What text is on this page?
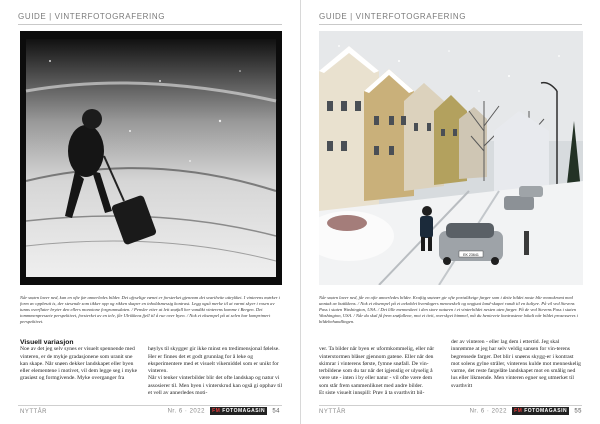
GUIDE | VINTERFOTOGRAFERING
Når snøen laver ned, kan en ofte før annerledes bilder. Det ufyselige vænet er forsterket gjennom det svarthvite uttrykket. I vinterens mørker i form av oppbrutt is, der stesende som tikker opp og rikken skaper en inholdsmessig kontrast. Legg også merke til at varmt skyer i rosen av tunns overflater bryter den ellers monotone forgrunnsdaten. / Pensler etter at lett snøfall her vandikt vinterens komme i Bergen. Det tommmenpressete perspektivet, forsterket av en tele, får Ulrikkens fjell til å rue over byen. / Nok et eksempel på at selen har komprimert perspektivet.

Visuell variasjon

Noe av det jeg selv synes er visuelt spennende med vinteren, er de mykje gradasjonene som uranit sne kan skape. Når snøen dekker landskapet eller byen eller elementene i motivet, vil dem legge seg i myke grasiøst og formgivende. Myke overganger fra

høylys til skygger gir ikke minst en tredimensjonal følelse. Her er finnes det et godt grunnlag for å leke og eksperimentere med et visuelt vikemiddel som er unikt for vinteren.
Når vi tenker vinterbilder blir det ofte landskap og natur vi assosierer til. Men byen i vinterskrud kan også gi opphav til et vell av annerledes moti-

NYTTÅR	Nr. 6 · 2022 FM FOTOMAGASIN 54
GUIDE | VINTERFOTOGRAFERING
EK 23641
Når snøen laver ned, får en ofte annerledes bilder. Kraftig snøvær gir ofte portalikvige farger som i dette bildet noste blir monokromt med unntak av butikkens. / Nok et eksempel på et avkoblet hverdagers menneskelt og ongjuat land-skapet rundt til en kultyre. På vil ved Stevens Pass i staten Washington, USA. / Det lille menneskeet i den store naturen i et vinterbildet nesten uten farger. På de ved Stevens Pass i staten Washington, USA. / Når du skal få frem snøfallene, mot et tivit, overskyet himmel, må du henteveie kontrastene lokalt når bildet prosesseres i bildebehandlingen.

ver. Ta bilder når byen er uformkommelig, eller når vinterstormen blåser gjennom gatene. Eller når den skimrar i vinterens første, fymne snøfall. De vin-terbildene som du tar når det igjenslig er ulyselig å være ute - inten i by eller natur - vil ofte være dem som står frem sammenliknet med andre bilder.
Et siste visuelt innspill: Prøv å ta svarthvitt bil-

der av vinteren - eller lag dem i ettertid. Jeg skal innrømme at jeg har selv veldig sansen for vin-terens begrensede farger. Det blir i snøens skygg-er i kontrast mot solens gylne stråler, vinterens kulde mot menneskelig varme, det reste fargelåte landskapet mot en smålig ned lus eller likmende. Men vinteren egner seg utmerket til svarthvitt

NYTTÅR	Nr. 6 · 2022 FM FOTOMAGASIN 55
